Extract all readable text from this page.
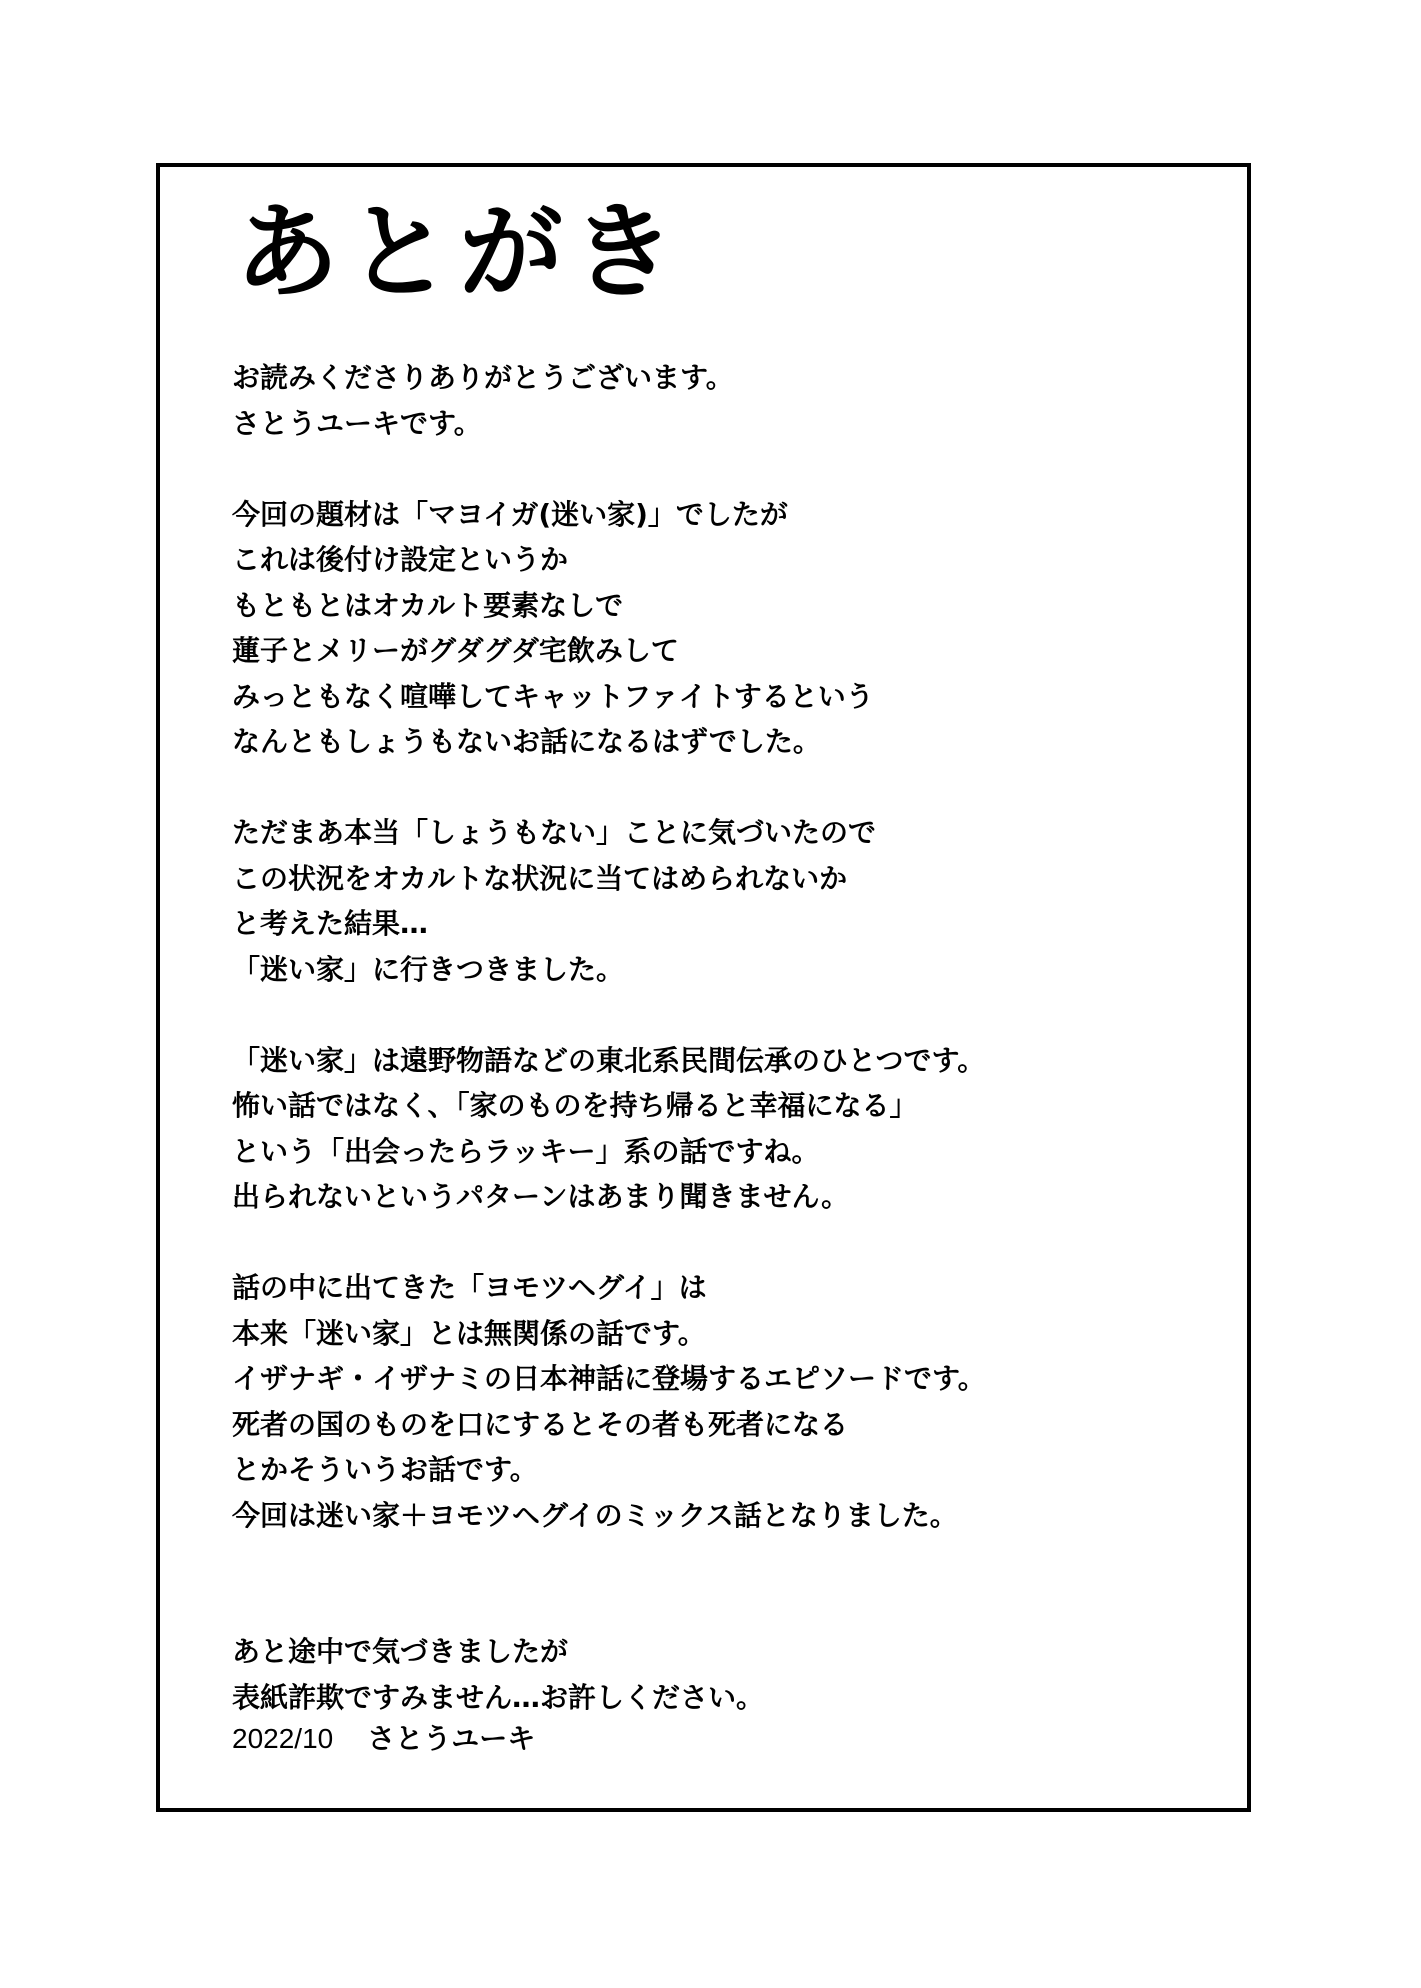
あとがき
お読みくださりありがとうございます。
さとうユーキです。
今回の題材は「マヨイガ(迷い家)」でしたが
これは後付け設定というか
もともとはオカルト要素なしで
蓮子とメリーがグダグダ宅飲みして
みっともなく喧嘩してキャットファイトするという
なんともしょうもないお話になるはずでした。
ただまあ本当「しょうもない」ことに気づいたので
この状況をオカルトな状況に当てはめられないか
と考えた結果…
「迷い家」に行きつきました。
「迷い家」は遠野物語などの東北系民間伝承のひとつです。
怖い話ではなく、「家のものを持ち帰ると幸福になる」
という「出会ったらラッキー」系の話ですね。
出られないというパターンはあまり聞きません。
話の中に出てきた「ヨモツヘグイ」は
本来「迷い家」とは無関係の話です。
イザナギ・イザナミの日本神話に登場するエピソードです。
死者の国のものを口にするとその者も死者になる
とかそういうお話です。
今回は迷い家＋ヨモツヘグイのミックス話となりました。
あと途中で気づきましたが
表紙詐欺ですみません…お許しください。
2022/10 さとうユーキ
